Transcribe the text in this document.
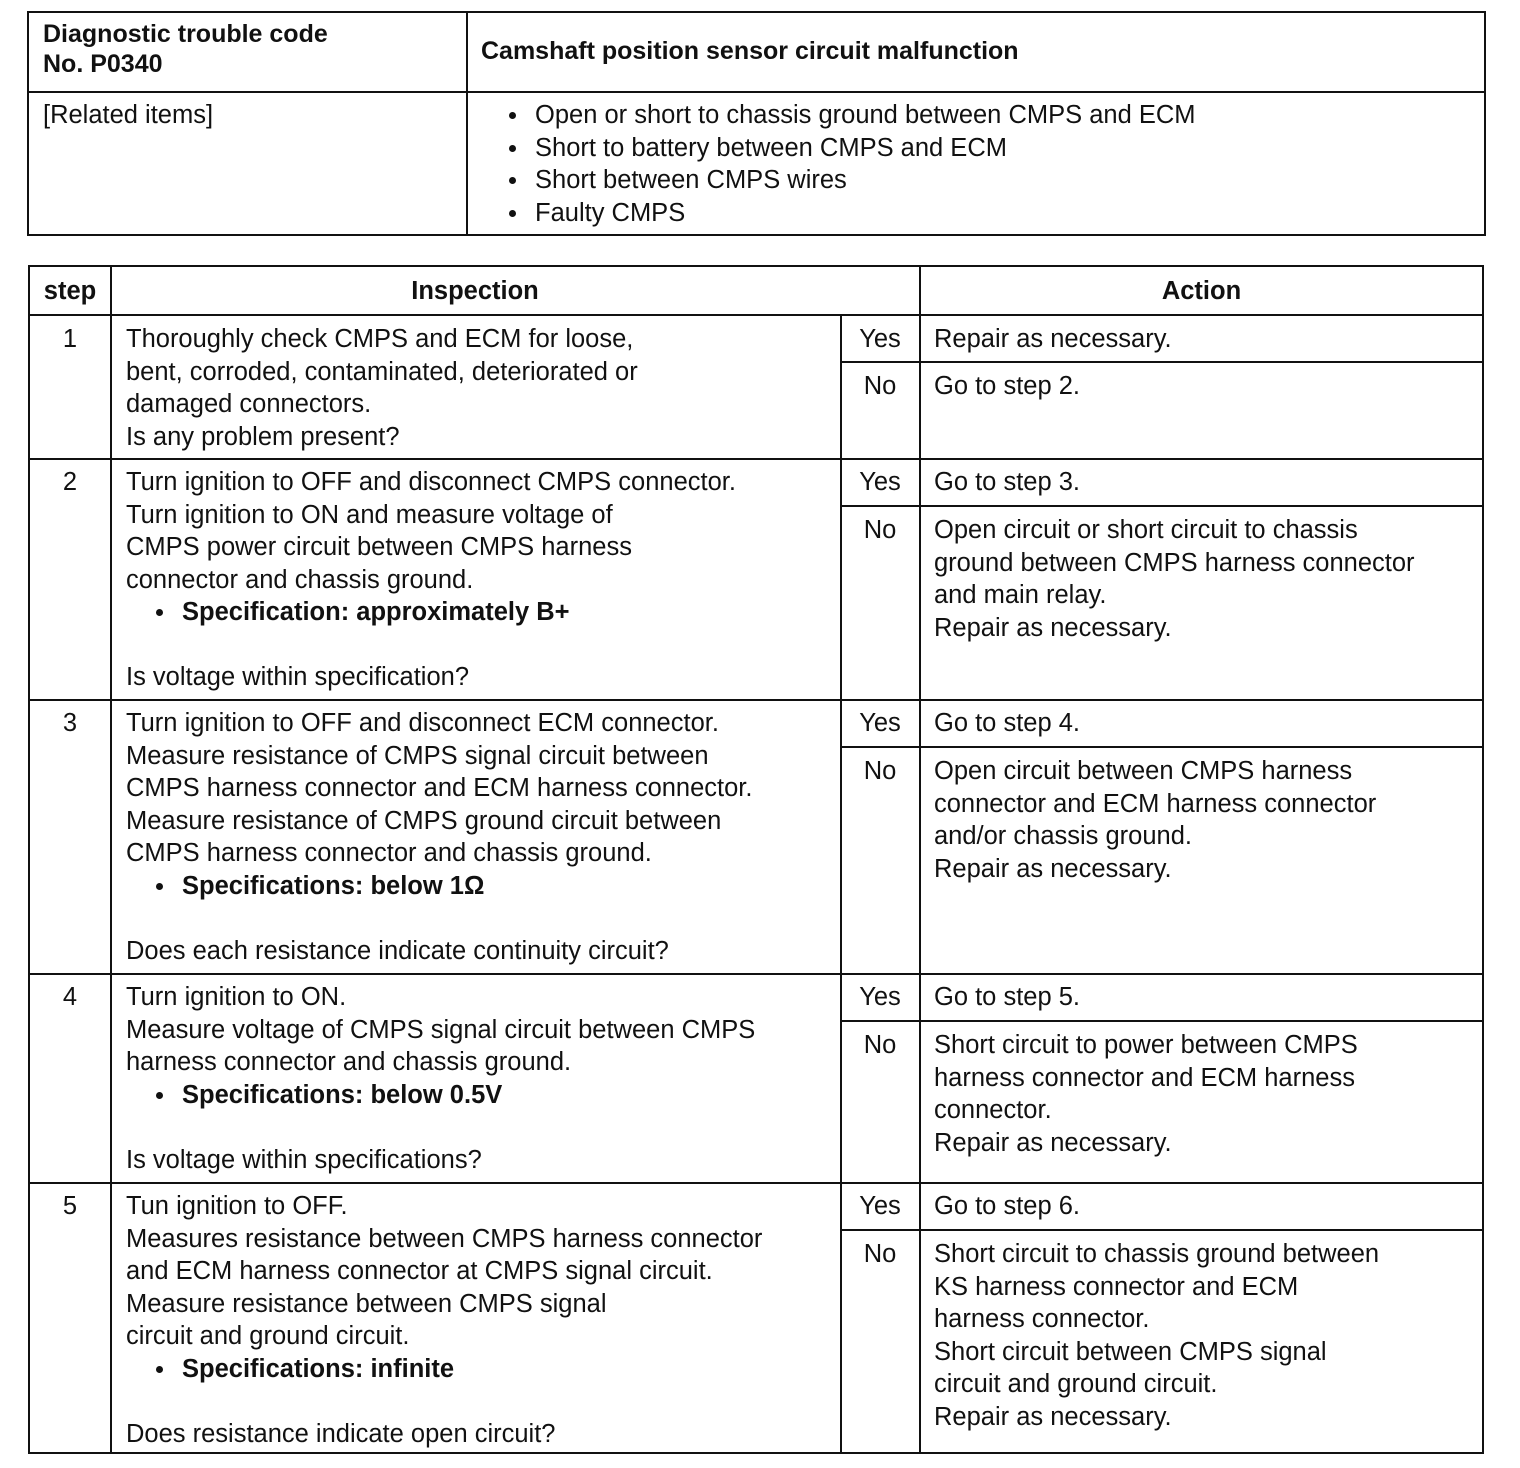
Diagnostic trouble code
No. P0340	Camshaft position sensor circuit malfunction
[Related items]	Open or short to chassis ground between CMPS and ECM
Short to battery between CMPS and ECM
Short between CMPS wires
Faulty CMPS
step	Inspection	Action
1	Thoroughly check CMPS and ECM for loose,
bent, corroded, contaminated, deteriorated or
damaged connectors.
Is any problem present?
Yes	Repair as necessary.
No	Go to step 2.
2	Turn ignition to OFF and disconnect CMPS connector.
Turn ignition to ON and measure voltage of
CMPS power circuit between CMPS harness
connector and chassis ground.
Specification: approximately B+
Is voltage within specification?
Yes	Go to step 3.
No	Open circuit or short circuit to chassis
ground between CMPS harness connector
and main relay.
Repair as necessary.
3	Turn ignition to OFF and disconnect ECM connector.
Measure resistance of CMPS signal circuit between
CMPS harness connector and ECM harness connector.
Measure resistance of CMPS ground circuit between
CMPS harness connector and chassis ground.
Specifications: below 1Ω
Does each resistance indicate continuity circuit?
Yes	Go to step 4.
No	Open circuit between CMPS harness
connector and ECM harness connector
and/or chassis ground.
Repair as necessary.
4	Turn ignition to ON.
Measure voltage of CMPS signal circuit between CMPS
harness connector and chassis ground.
Specifications: below 0.5V
Is voltage within specifications?
Yes	Go to step 5.
No	Short circuit to power between CMPS
harness connector and ECM harness
connector.
Repair as necessary.
5	Tun ignition to OFF.
Measures resistance between CMPS harness connector
and ECM harness connector at CMPS signal circuit.
Measure resistance between CMPS signal
circuit and ground circuit.
Specifications: infinite
Does resistance indicate open circuit?
Yes	Go to step 6.
No	Short circuit to chassis ground between
KS harness connector and ECM
harness connector.
Short circuit between CMPS signal
circuit and ground circuit.
Repair as necessary.
